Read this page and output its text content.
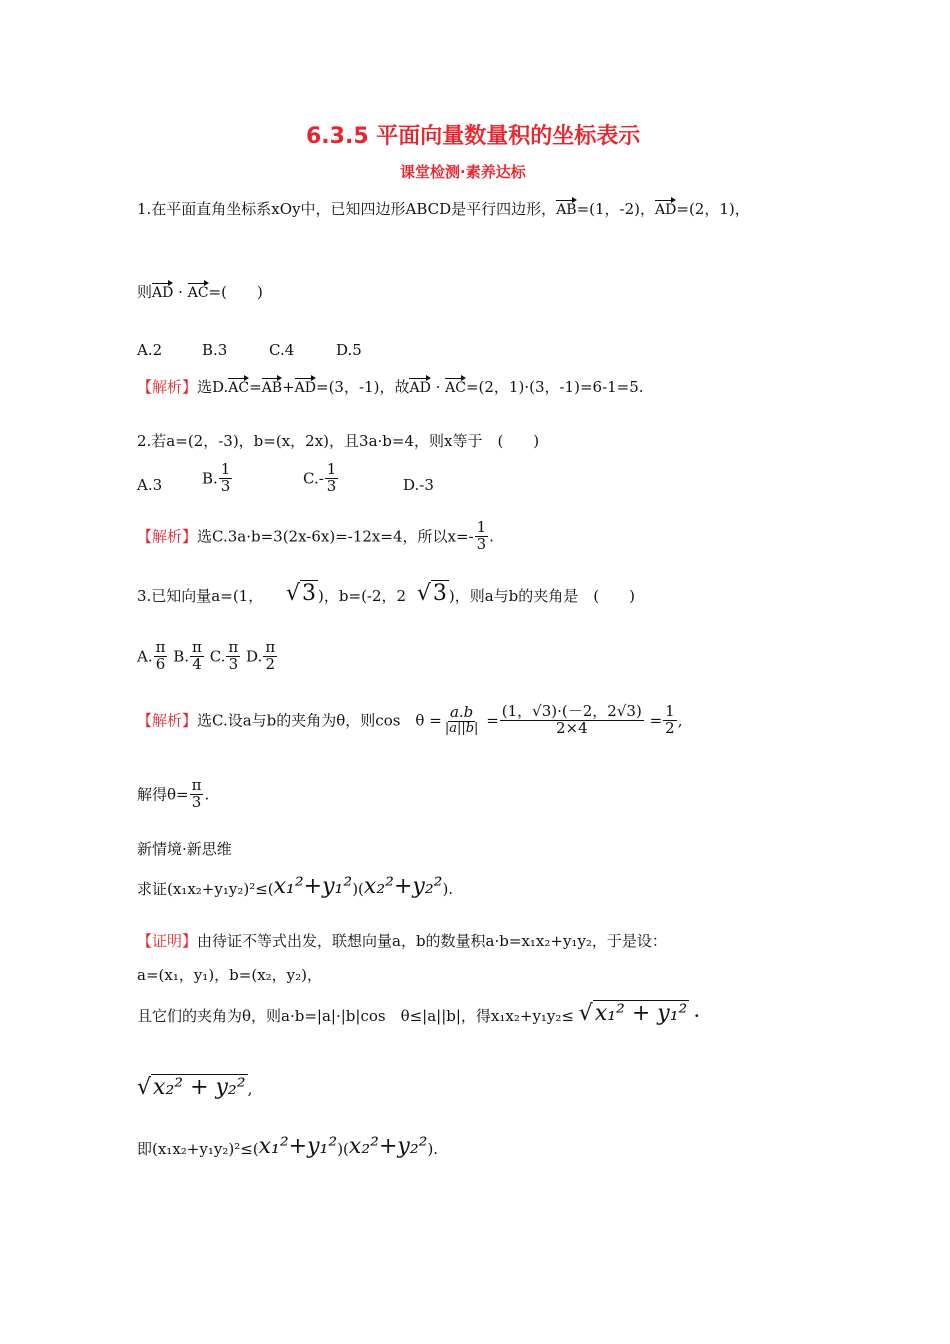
6.3.5 平面向量数量积的坐标表示
课堂检测·素养达标
1.在平面直角坐标系xOy中，已知四边形ABCD是平行四边形，AB=(1，-2)，AD=(2，1)，
则AD · AC=(　　)
A.2	B.3	C.4	D.5
【解析】选D.AC=AB+AD=(3，-1)，故AD · AC=(2，1)·(3，-1)=6-1=5.
2.若a=(2，-3)，b=(x，2x)，且3a·b=4，则x等于　(　　)
A.3	B. $\frac{1}{3}$	$C.- \frac{1}{3}$	D.-3
【解析】选C.3a·b=3(2x-6x)=-12x=4，所以$x=- \frac{1}{3}$ .
3.已知向量a=(1， √3 )，b=(-2，2 √3 )，则a与b的夹角是　(　　)
A. $\frac{\pi}{6} B$. $\frac{\pi}{4} C$. $\frac{\pi}{3} D$. $\frac{\pi}{2}$
【解析】选C.设a与b的夹角为θ，则cos　$\theta = \frac{a.b}{|a||b|} = \frac{(1,√3)\cdot(-2,2√3)}{2\times 4} = \frac{1}{2}$ ,
解得$\theta= \frac{\pi}{3}$ .
新情境·新思维
求证(x₁x₂+y₁y₂)²≤(x₁²+y₁²)(x₂²+y₂²).
【证明】由待证不等式出发，联想向量a，b的数量积a·b=x₁x₂+y₁y₂，于是设：
a=(x₁，y₁)，b=(x₂，y₂)，
且它们的夹角为θ，则a·b=|a|·|b|cos　θ≤|a||b|，得x₁x₂+y₁y₂≤ √x₁² + y₁² ·
√x₂² + y₂² ,
即(x₁x₂+y₁y₂)²≤(x₁²+y₁²)(x₂²+y₂²).
